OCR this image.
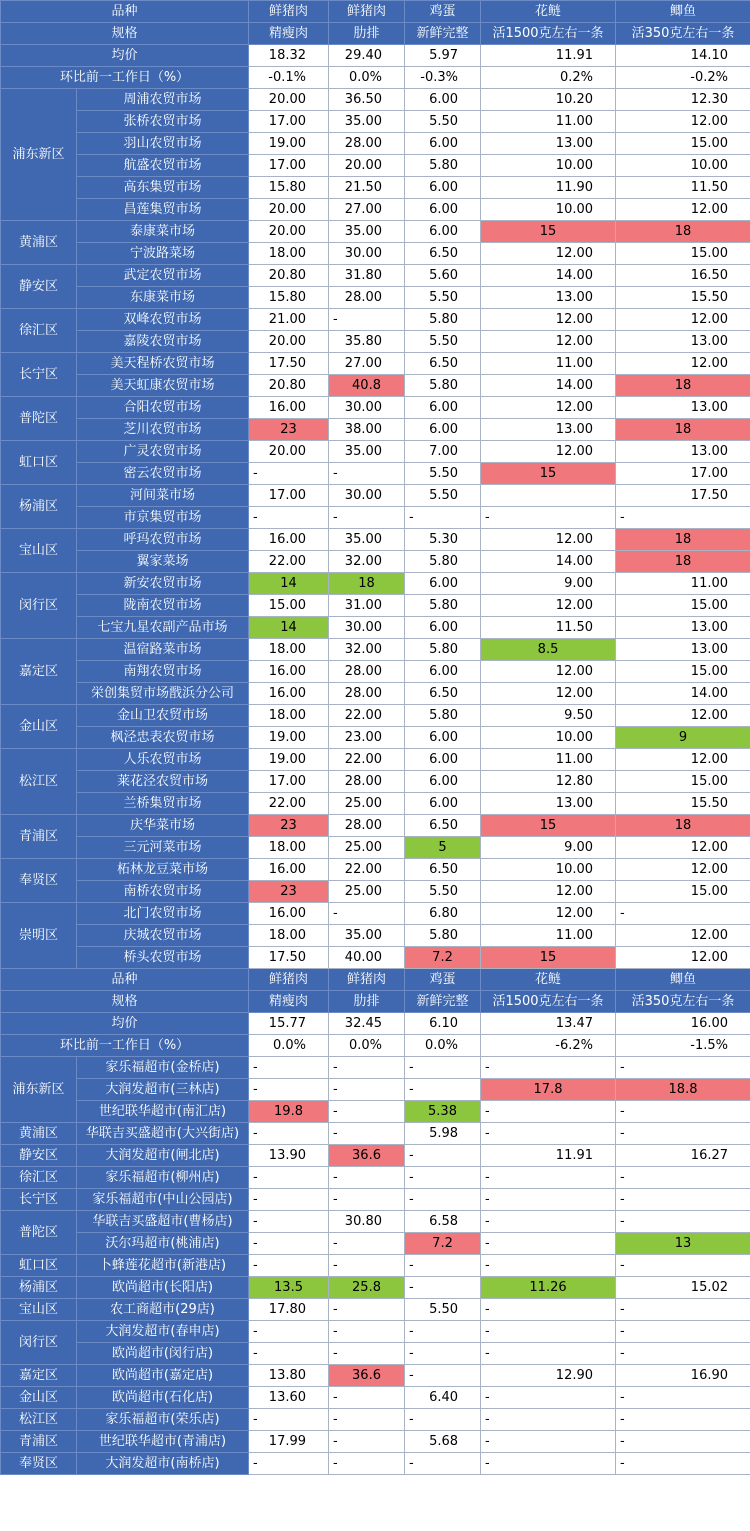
品种		鲜猪肉	鲜猪肉	鸡蛋	花鲢	鲫鱼
规格		精瘦肉	肋排	新鲜完整	活1500克左右一条	活350克左右一条
均价		18.32	29.40	5.97	11.91	14.10
环比前一工作日（%）		-0.1%	0.0%	-0.3%	0.2%	-0.2%
浦东新区	周浦农贸市场	20.00	36.50	6.00	10.20	12.30
	张桥农贸市场	17.00	35.00	5.50	11.00	12.00
	羽山农贸市场	19.00	28.00	6.00	13.00	15.00
	航盛农贸市场	17.00	20.00	5.80	10.00	10.00
	高东集贸市场	15.80	21.50	6.00	11.90	11.50
	昌莲集贸市场	20.00	27.00	6.00	10.00	12.00
黄浦区	泰康菜市场	20.00	35.00	6.00	15	18
	宁波路菜场	18.00	30.00	6.50	12.00	15.00
静安区	武定农贸市场	20.80	31.80	5.60	14.00	16.50
	东康菜市场	15.80	28.00	5.50	13.00	15.50
徐汇区	双峰农贸市场	21.00	-	5.80	12.00	12.00
	嘉陵农贸市场	20.00	35.80	5.50	12.00	13.00
长宁区	美天程桥农贸市场	17.50	27.00	6.50	11.00	12.00
	美天虹康农贸市场	20.80	40.8	5.80	14.00	18
普陀区	合阳农贸市场	16.00	30.00	6.00	12.00	13.00
	芝川农贸市场	23	38.00	6.00	13.00	18
虹口区	广灵农贸市场	20.00	35.00	7.00	12.00	13.00
	密云农贸市场	-	-	5.50	15	17.00
杨浦区	河间菜市场	17.00	30.00	5.50		17.50
	市京集贸市场	-	-	-	-	-
宝山区	呼玛农贸市场	16.00	35.00	5.30	12.00	18
	翼家菜场	22.00	32.00	5.80	14.00	18
闵行区	新安农贸市场	14	18	6.00	9.00	11.00
	陇南农贸市场	15.00	31.00	5.80	12.00	15.00
	七宝九星农副产品市场	14	30.00	6.00	11.50	13.00
嘉定区	温宿路菜市场	18.00	32.00	5.80	8.5	13.00
	南翔农贸市场	16.00	28.00	6.00	12.00	15.00
	栄创集贸市场戬浜分公司	16.00	28.00	6.50	12.00	14.00
金山区	金山卫农贸市场	18.00	22.00	5.80	9.50	12.00
	枫泾忠表农贸市场	19.00	23.00	6.00	10.00	9
松江区	人乐农贸市场	19.00	22.00	6.00	11.00	12.00
	莱花泾农贸市场	17.00	28.00	6.00	12.80	15.00
	兰桥集贸市场	22.00	25.00	6.00	13.00	15.50
青浦区	庆华菜市场	23	28.00	6.50	15	18
	三元河菜市场	18.00	25.00	5	9.00	12.00
奉贤区	柘林龙豆菜市场	16.00	22.00	6.50	10.00	12.00
	南桥农贸市场	23	25.00	5.50	12.00	15.00
崇明区	北门农贸市场	16.00	-	6.80	12.00	-
	庆城农贸市场	18.00	35.00	5.80	11.00	12.00
	桥头农贸市场	17.50	40.00	7.2	15	12.00
品种		鲜猪肉	鲜猪肉	鸡蛋	花鲢	鲫鱼
规格		精瘦肉	肋排	新鲜完整	活1500克左右一条	活350克左右一条
均价		15.77	32.45	6.10	13.47	16.00
环比前一工作日（%）		0.0%	0.0%	0.0%	-6.2%	-1.5%
浦东新区	家乐福超市(金桥店)	-	-	-	-	-
	大润发超市(三林店)	-	-	-	17.8	18.8
	世纪联华超市(南汇店)	19.8	-	5.38	-	-
黄浦区	华联吉买盛超市(大兴街店)	-	-	5.98	-	-
静安区	大润发超市(闸北店)	13.90	36.6	-	11.91	16.27
徐汇区	家乐福超市(柳州店)	-	-	-	-	-
长宁区	家乐福超市(中山公园店)	-	-	-	-	-
普陀区	华联吉买盛超市(曹杨店)	-	30.80	6.58	-	-
	沃尔玛超市(桃浦店)	-	-	7.2	-	13
虹口区	卜蜂莲花超市(新港店)	-	-	-	-	-
杨浦区	欧尚超市(长阳店)	13.5	25.8	-	11.26	15.02
宝山区	农工商超市(29店)	17.80	-	5.50	-	-
闵行区	大润发超市(春申店)	-	-	-	-	-
	欧尚超市(闵行店)	-	-	-	-	-
嘉定区	欧尚超市(嘉定店)	13.80	36.6	-	12.90	16.90
金山区	欧尚超市(石化店)	13.60	-	6.40	-	-
松江区	家乐福超市(荣乐店)	-	-	-	-	-
青浦区	世纪联华超市(青浦店)	17.99	-	5.68	-	-
奉贤区	大润发超市(南桥店)	-	-	-	-	-
